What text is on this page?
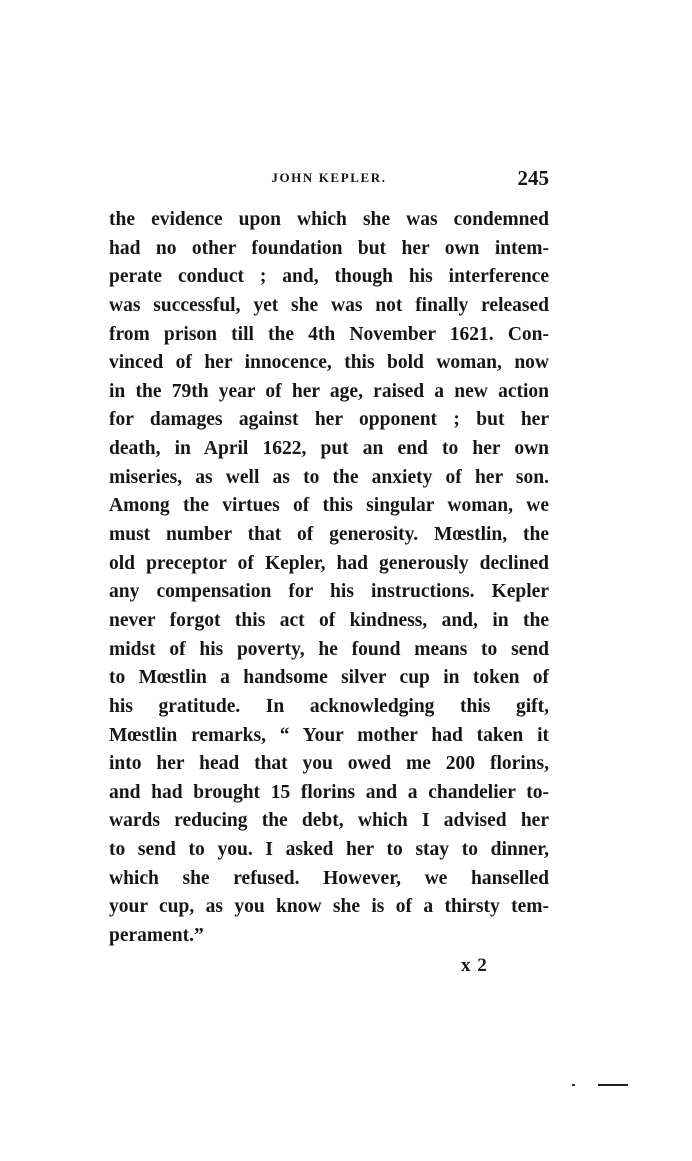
JOHN KEPLER.	245
the evidence upon which she was condemned
had no other foundation but her own intem-
perate conduct ; and, though his interference
was successful, yet she was not finally released
from prison till the 4th November 1621. Con-
vinced of her innocence, this bold woman, now
in the 79th year of her age, raised a new action
for damages against her opponent ; but her
death, in April 1622, put an end to her own
miseries, as well as to the anxiety of her son.
Among the virtues of this singular woman, we
must number that of generosity. Mœstlin, the
old preceptor of Kepler, had generously declined
any compensation for his instructions. Kepler
never forgot this act of kindness, and, in the
midst of his poverty, he found means to send
to Mœstlin a handsome silver cup in token of
his gratitude. In acknowledging this gift,
Mœstlin remarks, “ Your mother had taken it
into her head that you owed me 200 florins,
and had brought 15 florins and a chandelier to-
wards reducing the debt, which I advised her
to send to you. I asked her to stay to dinner,
which she refused. However, we hanselled
your cup, as you know she is of a thirsty tem-
perament.”
x 2
